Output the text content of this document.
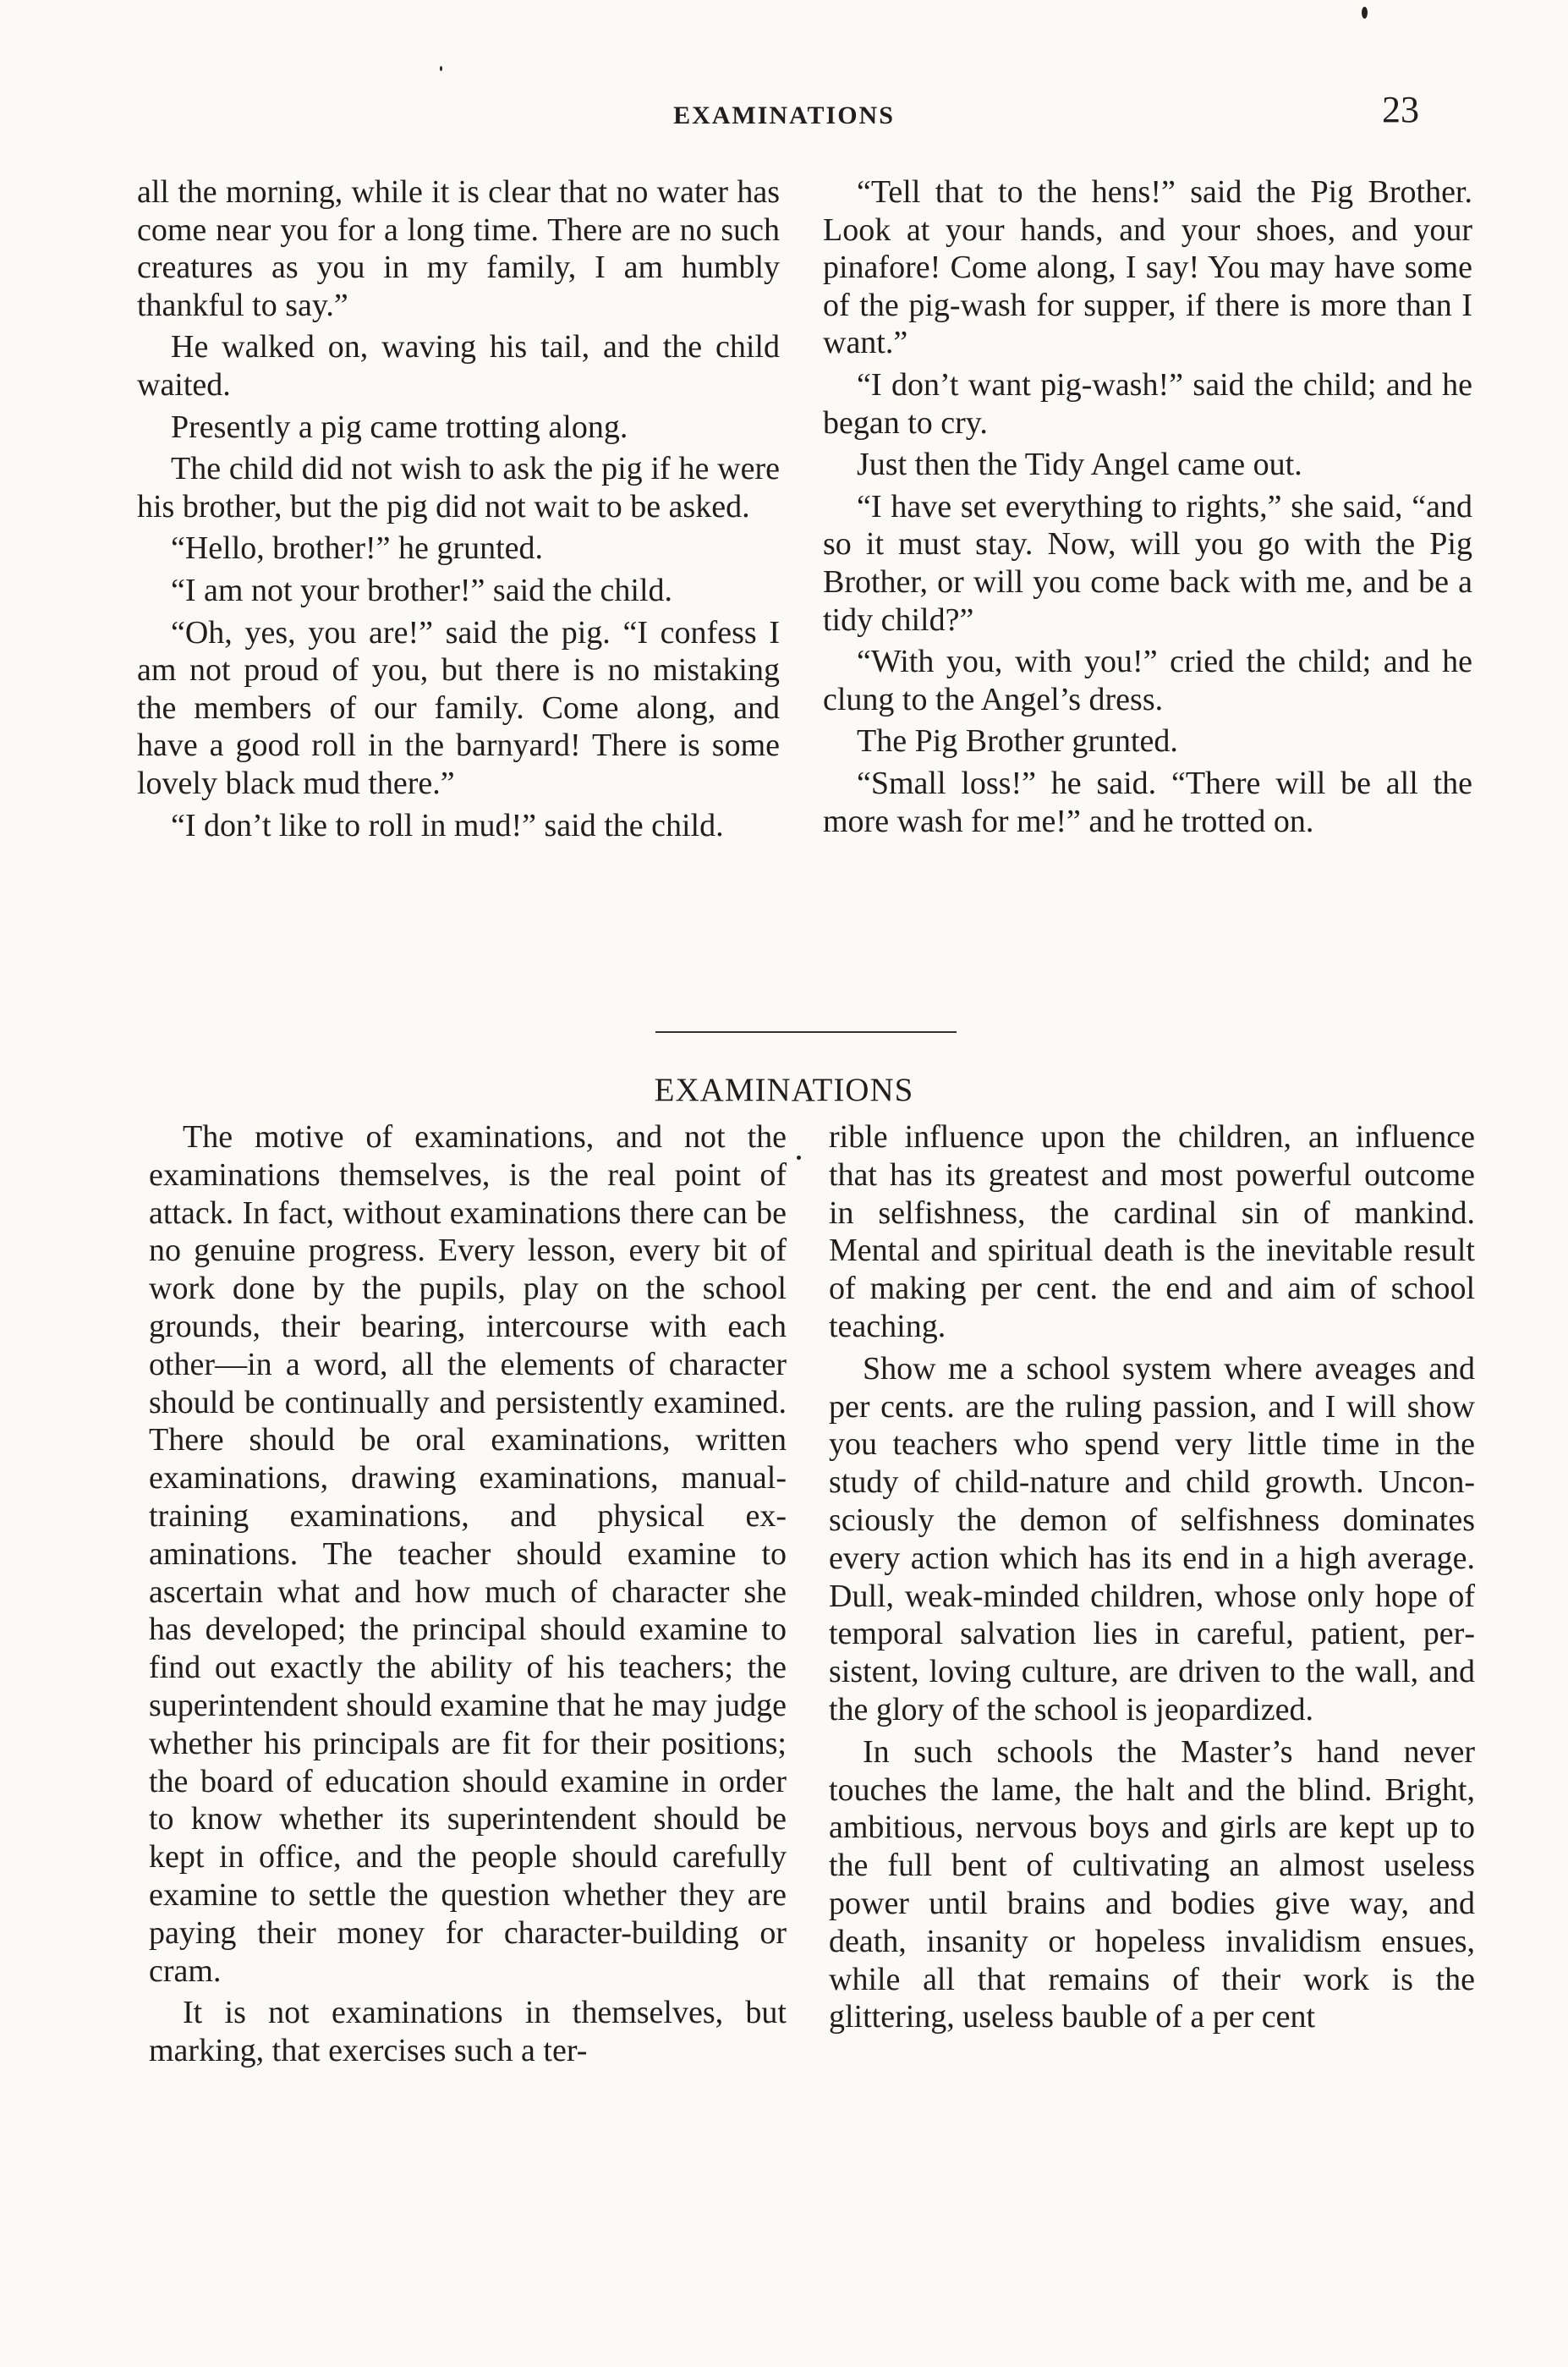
EXAMINATIONS	23

all the morning, while it is clear that no water has come near you for a long time. There are no such creatures as you in my family, I am humbly thankful to say.”

He walked on, waving his tail, and the child waited.

Presently a pig came trotting along.

The child did not wish to ask the pig if he were his brother, but the pig did not wait to be asked.

“Hello, brother!” he grunted.

“I am not your brother!” said the child.

“Oh, yes, you are!” said the pig. “I confess I am not proud of you, but there is no mistaking the members of our family. Come along, and have a good roll in the barnyard! There is some lovely black mud there.”

“I don’t like to roll in mud!” said the child.

“Tell that to the hens!” said the Pig Brother. Look at your hands, and your shoes, and your pinafore! Come along, I say! You may have some of the pig-wash for supper, if there is more than I want.”

“I don’t want pig-wash!” said the child; and he began to cry.

Just then the Tidy Angel came out.

“I have set everything to rights,” she said, “and so it must stay. Now, will you go with the Pig Brother, or will you come back with me, and be a tidy child?”

“With you, with you!” cried the child; and he clung to the Angel’s dress.

The Pig Brother grunted.

“Small loss!” he said. “There will be all the more wash for me!” and he trotted on.

EXAMINATIONS

The motive of examinations, and not the examinations themselves, is the real point of attack. In fact, without examinations there can be no genuine progress. Every lesson, every bit of work done by the pupils, play on the school grounds, their bearing, intercourse with each other—in a word, all the elements of character should be continually and persistently examined. There should be oral examinations, written examinations, drawing examinations, manual-training examinations, and physical examinations. The teacher should examine to ascertain what and how much of character she has developed; the principal should examine to find out exactly the ability of his teachers; the superintendent should examine that he may judge whether his principals are fit for their positions; the board of education should examine in order to know whether its superintendent should be kept in office, and the people should carefully examine to settle the question whether they are paying their money for character-building or cram.

It is not examinations in themselves, but marking, that exercises such a ter-

rible influence upon the children, an influence that has its greatest and most powerful outcome in selfishness, the cardinal sin of mankind. Mental and spiritual death is the inevitable result of making per cent. the end and aim of school teaching.

Show me a school system where aveages and per cents. are the ruling passion, and I will show you teachers who spend very little time in the study of child-nature and child growth. Unconsciously the demon of selfishness dominates every action which has its end in a high average. Dull, weak-minded children, whose only hope of temporal salvation lies in careful, patient, persistent, loving culture, are driven to the wall, and the glory of the school is jeopardized.

In such schools the Master’s hand never touches the lame, the halt and the blind. Bright, ambitious, nervous boys and girls are kept up to the full bent of cultivating an almost useless power until brains and bodies give way, and death, insanity or hopeless invalidism ensues, while all that remains of their work is the glittering, useless bauble of a per cent
